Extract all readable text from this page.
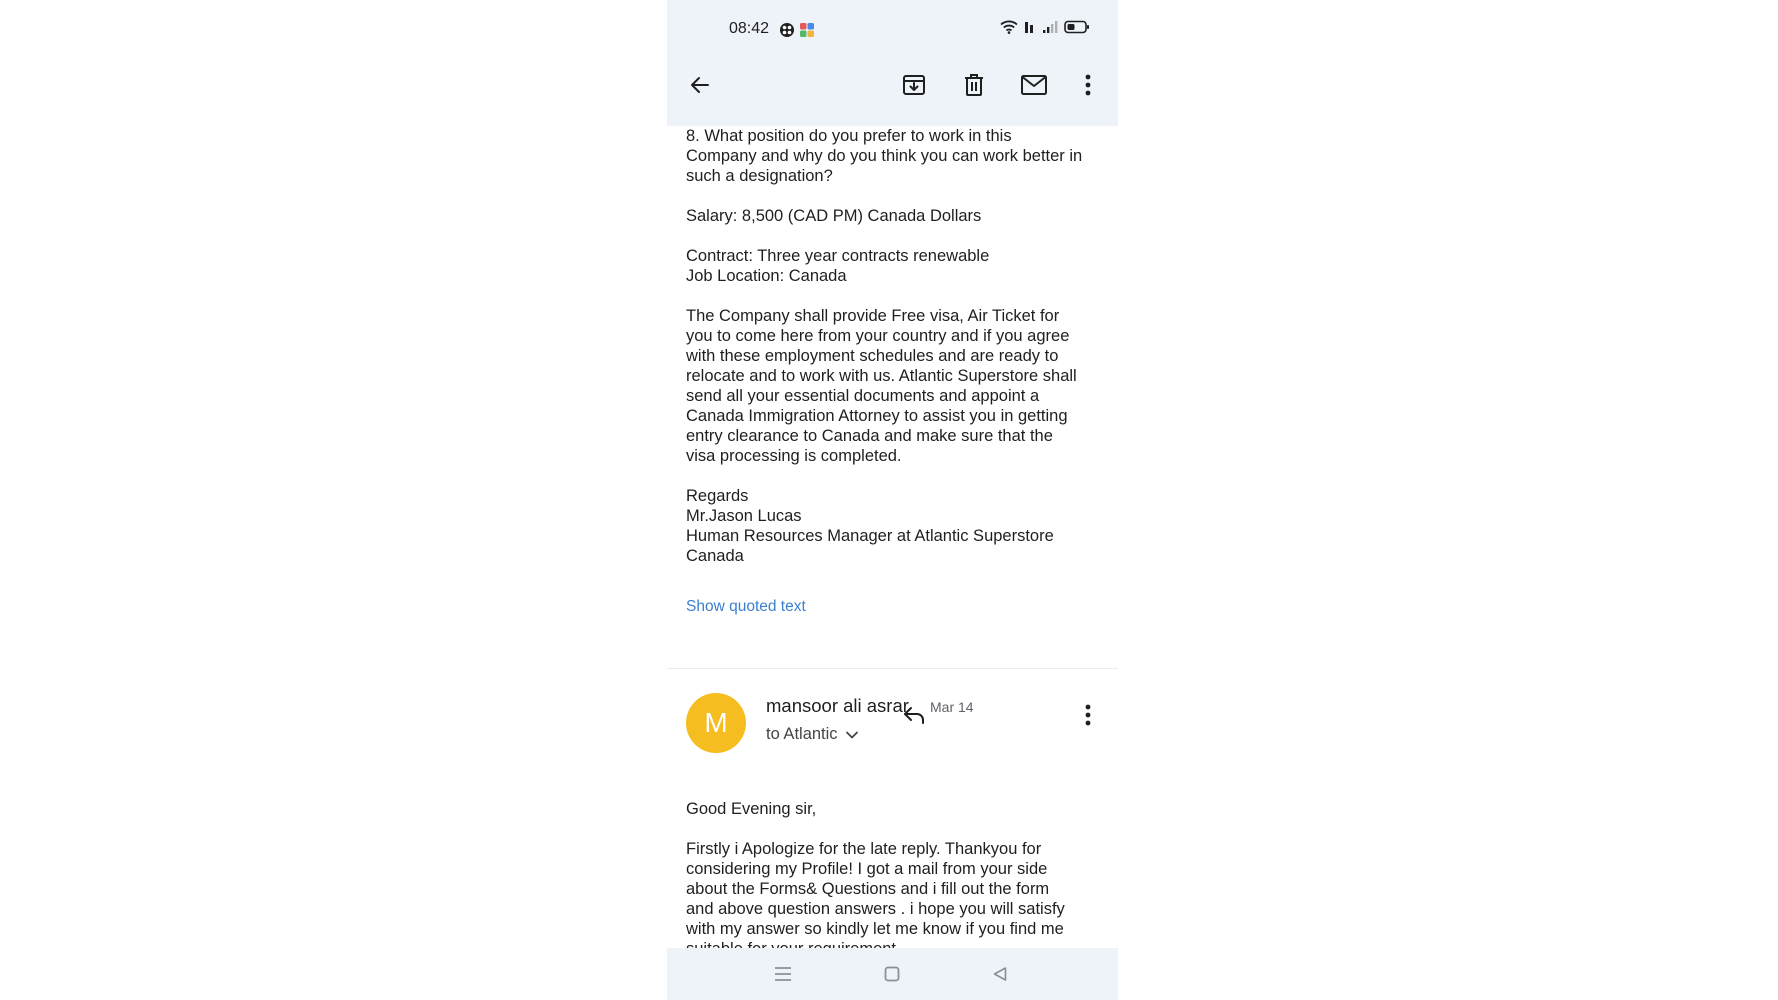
08:42

8. What position do you prefer to work in this
Company and why do you think you can work better in
such a designation?

Salary: 8,500 (CAD PM) Canada Dollars

Contract: Three year contracts renewable
Job Location: Canada

The Company shall provide Free visa, Air Ticket for
you to come here from your country and if you agree
with these employment schedules and are ready to
relocate and to work with us. Atlantic Superstore shall
send all your essential documents and appoint a
Canada Immigration Attorney to assist you in getting
entry clearance to Canada and make sure that the
visa processing is completed.

Regards
Mr.Jason Lucas
Human Resources Manager at Atlantic Superstore
Canada

Show quoted text
M
mansoor ali asrar Mar 14
to Atlantic

Good Evening sir,

Firstly i Apologize for the late reply. Thankyou for
considering my Profile! I got a mail from your side
about the Forms& Questions and i fill out the form
and above question answers . i hope you will satisfy
with my answer so kindly let me know if you find me
